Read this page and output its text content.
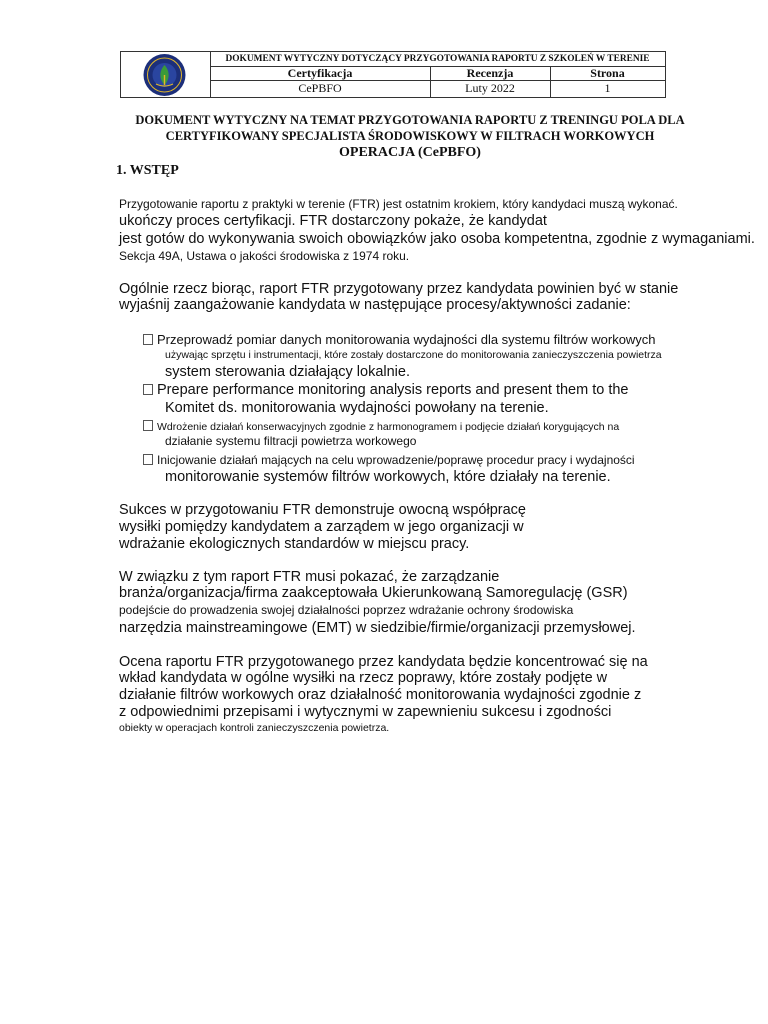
DOKUMENT WYTYCZNY DOTYCZĄCY PRZYGOTOWANIA RAPORTU Z SZKOLEŃ W TERENIE
Certyfikacja
CePBFO
Recenzja
Luty 2022
Strona
1
DOKUMENT WYTYCZNY NA TEMAT PRZYGOTOWANIA RAPORTU Z TRENINGU POLA DLA
CERTYFIKOWANY SPECJALISTA ŚRODOWISKOWY W FILTRACH WORKOWYCH
OPERACJA (CePBFO)
1. WSTĘP
Przygotowanie raportu z praktyki w terenie (FTR) jest ostatnim krokiem, który kandydaci muszą wykonać.
ukończy proces certyfikacji. FTR dostarczony pokaże, że kandydat
jest gotów do wykonywania swoich obowiązków jako osoba kompetentna, zgodnie z wymaganiami.
Sekcja 49A, Ustawa o jakości środowiska z 1974 roku.
Ogólnie rzecz biorąc, raport FTR przygotowany przez kandydata powinien być w stanie
wyjaśnij zaangażowanie kandydata w następujące procesy/aktywności zadanie:
Przeprowadź pomiar danych monitorowania wydajności dla systemu filtrów workowych
używając sprzętu i instrumentacji, które zostały dostarczone do monitorowania zanieczyszczenia powietrza
system sterowania działający lokalnie.
Prepare performance monitoring analysis reports and present them to the
Komitet ds. monitorowania wydajności powołany na terenie.
Wdrożenie działań konserwacyjnych zgodnie z harmonogramem i podjęcie działań korygujących na
działanie systemu filtracji powietrza workowego
Inicjowanie działań mających na celu wprowadzenie/poprawę procedur pracy i wydajności
monitorowanie systemów filtrów workowych, które działały na terenie.
Sukces w przygotowaniu FTR demonstruje owocną współpracę
wysiłki pomiędzy kandydatem a zarządem w jego organizacji w
wdrażanie ekologicznych standardów w miejscu pracy.
W związku z tym raport FTR musi pokazać, że zarządzanie
branża/organizacja/firma zaakceptowała Ukierunkowaną Samoregulację (GSR)
podejście do prowadzenia swojej działalności poprzez wdrażanie ochrony środowiska
narzędzia mainstreamingowe (EMT) w siedzibie/firmie/organizacji przemysłowej.
Ocena raportu FTR przygotowanego przez kandydata będzie koncentrować się na
wkład kandydata w ogólne wysiłki na rzecz poprawy, które zostały podjęte w
działanie filtrów workowych oraz działalność monitorowania wydajności zgodnie z
z odpowiednimi przepisami i wytycznymi w zapewnieniu sukcesu i zgodności
obiekty w operacjach kontroli zanieczyszczenia powietrza.
